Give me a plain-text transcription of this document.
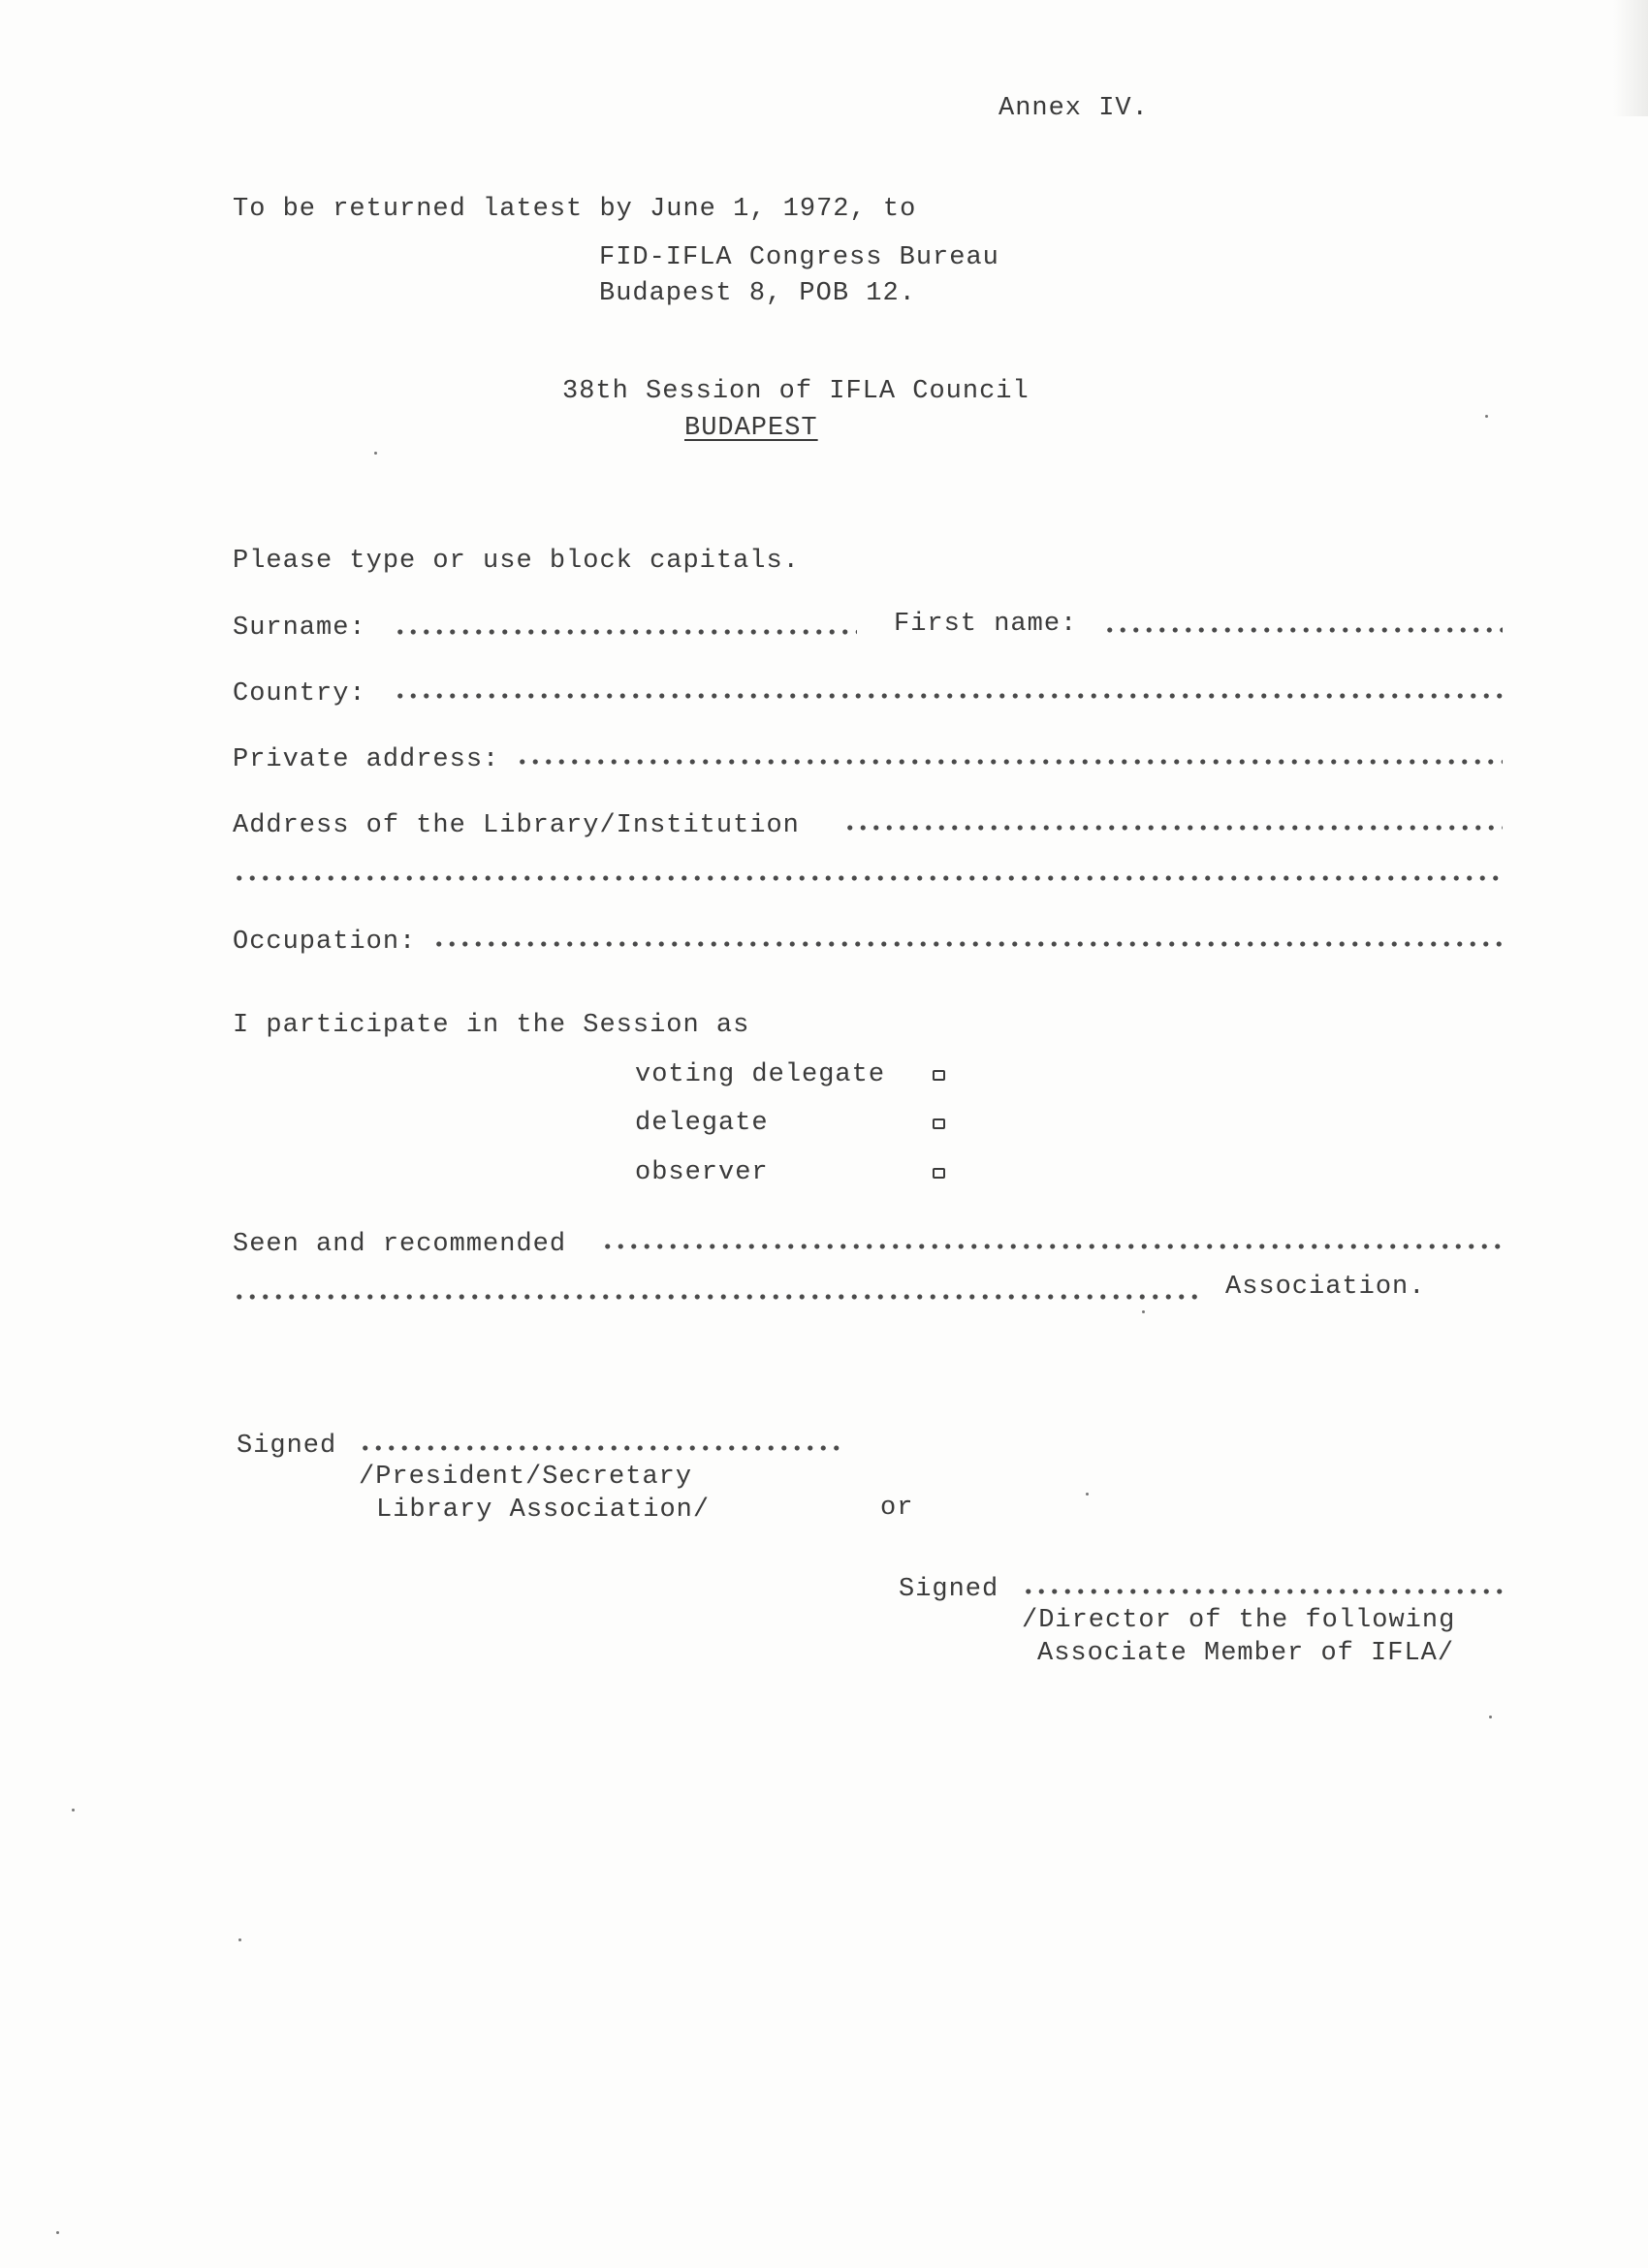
Annex IV.
To be returned latest by June 1, 1972, to
FID-IFLA Congress Bureau
Budapest 8, POB 12.
38th Session of IFLA Council
BUDAPEST
Please type or use block capitals.
Surname:	First name:
Country:
Private address:
Address of the Library/Institution
Occupation:
I participate in the Session as
voting delegate
delegate
observer
Seen and recommended
Association.
Signed
/President/Secretary
Library Association/	or
Signed
/Director of the following
Associate Member of IFLA/
